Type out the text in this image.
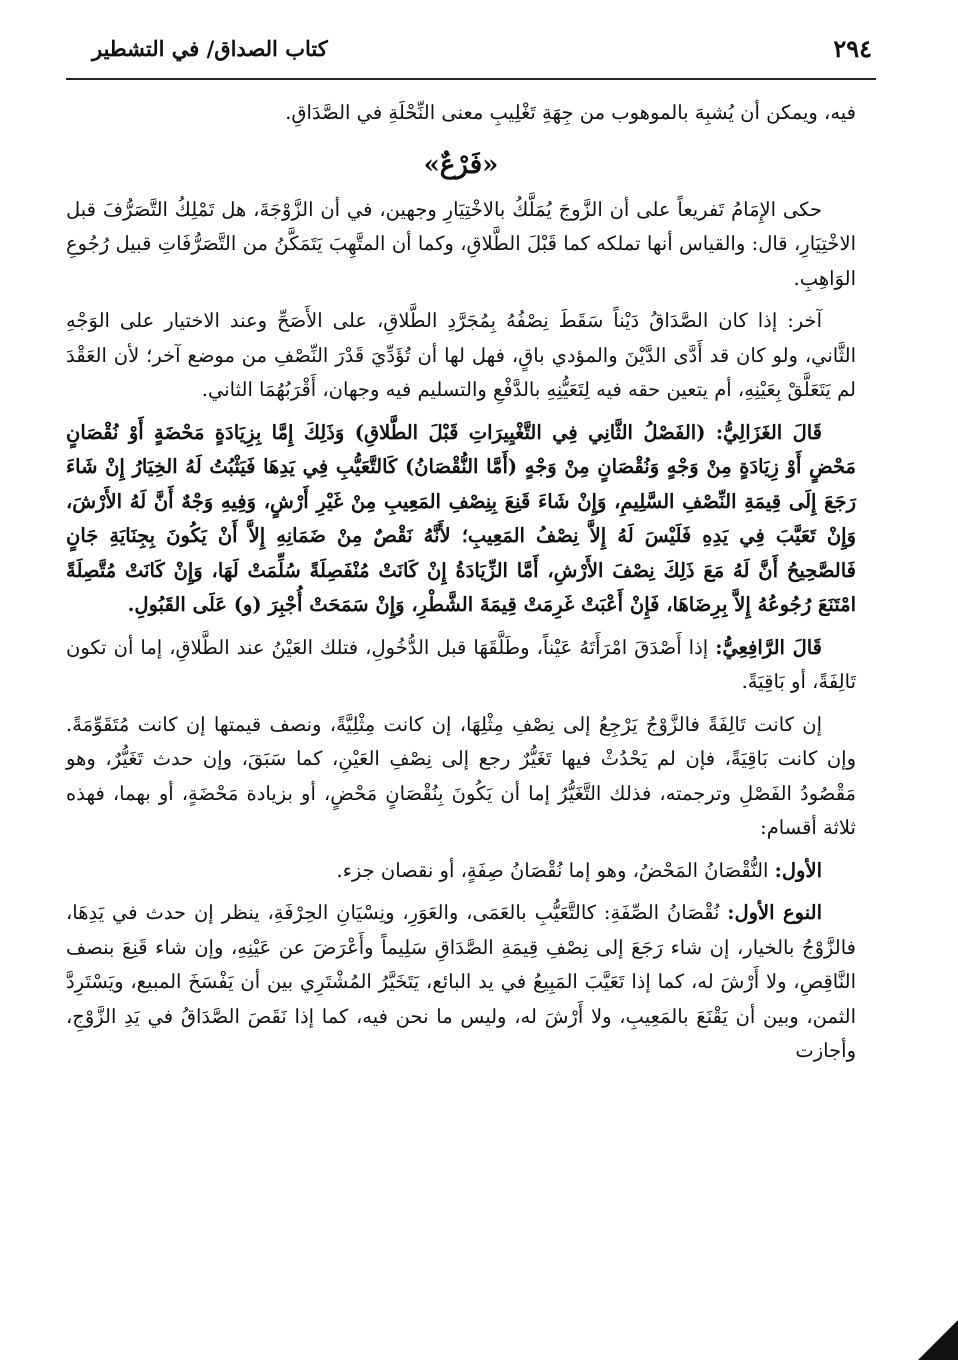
٢٩٤
كتاب الصداق/ في التشطير

فيه، ويمكن أن يُشبِهَ بالموهوب من جِهَةِ تَغْلِيبِ معنى النِّحْلَةِ في الصَّدَاقِ.

«فَرْعٌ»

حكى الإِمَامُ تَفريعاً على أن الزَّوجَ يُمَلَّكُ بالاخْتِيَارِ وجهين، في أن الزَّوْجَةَ، هل تَمْلِكُ التَّصَرُّفَ قبل الاخْتِيَارِ، قال: والقياس أنها تملكه كما قَبْلَ الطَّلاقِ، وكما أن المتَّهِبَ يَتَمَكَّنُ من التَّصَرُّفَاتِ قبيل رُجُوعِ الوَاهِبِ.

آخر: إذا كان الصَّدَاقُ دَيْناً سَقَطَ نِصْفُهُ بِمُجَرَّدِ الطَّلاقِ، على الأَصَحِّ وعند الاختيار على الوَجْهِ الثَّاني، ولو كان قد أَدَّى الدَّيْنَ والمؤدي باقٍ، فهل لها أن تُؤَدِّيَ قَدْرَ النِّصْفِ من موضع آخر؛ لأن العَقْدَ لم يَتَعَلَّقْ بِعَيْنِهِ، أم يتعين حقه فيه لِتَعَيُّنِهِ بالدَّفْعِ والتسليم فيه وجهان، أَقْرَبُهُمَا الثاني.

قَالَ الغَزَالِيُّ: (الفَصْلُ الثَّانِي فِي التَّغْيِيرَاتِ قَبْلَ الطَّلاقِ) وَذَلِكَ إِمَّا بِزِيَادَةٍ مَحْضَةٍ أَوْ نُقْصَانٍ مَحْضٍ أَوْ زِيَادَةٍ مِنْ وَجْهٍ وَنُقْصَانٍ مِنْ وَجْهٍ (أَمَّا النُّقْصَانُ) كَالتَّعَيُّبِ فِي يَدِهَا فَيَثْبُتُ لَهُ الخِيَارُ إِنْ شَاءَ رَجَعَ إِلَى قِيمَةِ النِّصْفِ السَّلِيمِ، وَإِنْ شَاءَ قَنِعَ بِنِصْفِ المَعِيبِ مِنْ غَيْرِ أَرْشٍ، وَفِيهِ وَجْهٌ أَنَّ لَهُ الأَرْشَ، وَإِنْ تَعَيَّبَ فِي يَدِهِ فَلَيْسَ لَهُ إِلاَّ نِصْفُ المَعِيبِ؛ لأَنَّهُ نَقْصٌ مِنْ ضَمَانِهِ إِلاَّ أَنْ يَكُونَ بِجِنَايَةِ جَانٍ فَالصَّحِيحُ أَنَّ لَهُ مَعَ ذَلِكَ نِصْفَ الأَرْشِ، أَمَّا الزِّيَادَةُ إِنْ كَانَتْ مُنْفَصِلَةً سُلِّمَتْ لَهَا، وَإِنْ كَانَتْ مُتَّصِلَةً امْتَنَعَ رُجُوعُهُ إِلاَّ بِرِضَاهَا، فَإِنْ أَعْبَتْ غَرِمَتْ قِيمَةَ الشَّطْرِ، وَإِنْ سَمَحَتْ أُجْبِرَ (و) عَلَى القَبُولِ.

قَالَ الرَّافِعِيُّ: إذا أَصْدَقَ امْرَأَتَهُ عَيْناً، وطَلَّقَهَا قبل الدُّخُولِ، فتلك العَيْنُ عند الطَّلاقِ، إما أن تكون تَالِفَةً، أو بَاقِيَةً.

إن كانت تَالِفَةً فالزَّوْجُ يَرْجِعُ إلى نِصْفِ مِثْلِهَا، إن كانت مِثْلِيَّةً، ونصف قيمتها إن كانت مُتَقَوِّمَةً. وإن كانت بَاقِيَةً، فإن لم يَحْدُثْ فيها تَغَيُّرٌ رجع إلى نِصْفِ العَيْنِ، كما سَبَقَ، وإن حدث تَغَيُّرٌ، وهو مَقْصُودُ الفَصْلِ وترجمته، فذلك التَّغَيُّرُ إما أن يَكُونَ بِنُقْصَانٍ مَحْضٍ، أو بزيادة مَحْضَةٍ، أو بهما، فهذه ثلاثة أقسام:

الأول: النُّقْصَانُ المَحْضُ، وهو إما نُقْصَانُ صِفَةٍ، أو نقصان جزء.

النوع الأول: نُقْصَانُ الصِّفَةِ: كالتَّعَيُّبِ بالعَمَى، والعَوَرِ، ونِسْيَانِ الحِرْفَةِ، ينظر إن حدث في يَدِهَا، فالزَّوْجُ بالخيار، إن شاء رَجَعَ إلى نِصْفِ قِيمَةِ الصَّدَاقِ سَلِيماً وأَعْرَضَ عن عَيْنِهِ، وإن شاء قَنِعَ بنصف النَّاقِصِ، ولا أَرْشَ له، كما إذا تَعَيَّبَ المَبِيعُ في يد البائع، يَتَخَيَّرُ المُشْتَرِي بين أن يَفْسَخَ المبيع، ويَسْتَرِدَّ الثمن، وبين أن يَقْنَعَ بالمَعِيبِ، ولا أَرْشَ له، وليس ما نحن فيه، كما إذا نَقَصَ الصَّدَاقُ في يَدِ الزَّوْجِ، وأجازت
